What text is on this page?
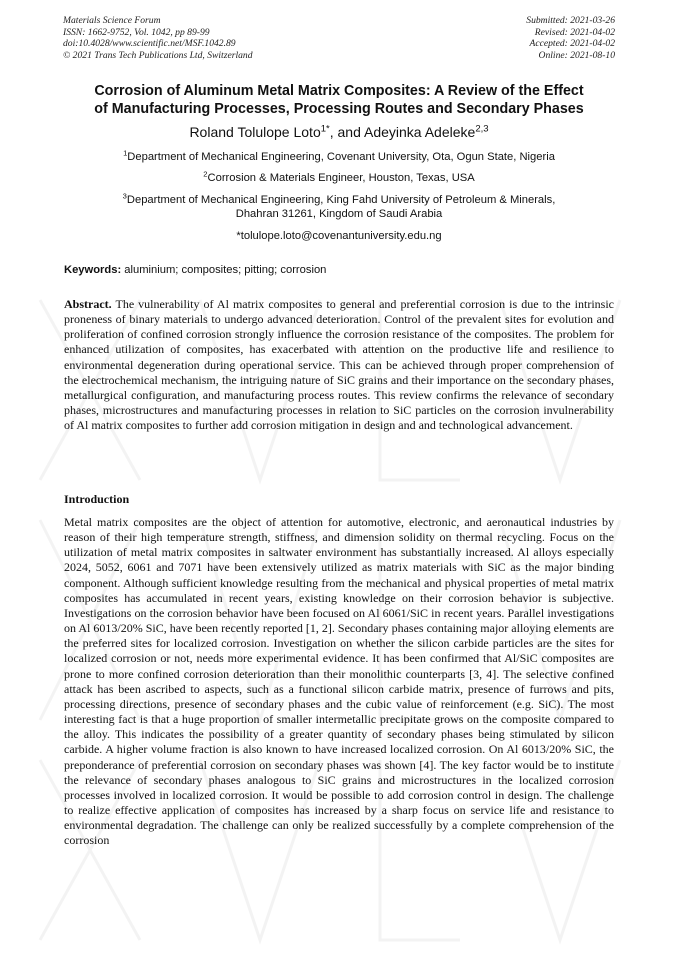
Materials Science Forum
ISSN: 1662-9752, Vol. 1042, pp 89-99
doi:10.4028/www.scientific.net/MSF.1042.89
© 2021 Trans Tech Publications Ltd, Switzerland
Submitted: 2021-03-26
Revised: 2021-04-02
Accepted: 2021-04-02
Online: 2021-08-10
Corrosion of Aluminum Metal Matrix Composites: A Review of the Effect
of Manufacturing Processes, Processing Routes and Secondary Phases
Roland Tolulope Loto$^{1*}$, and Adeyinka Adeleke$^{2,3}$
$^1$Department of Mechanical Engineering, Covenant University, Ota, Ogun State, Nigeria
$^2$Corrosion & Materials Engineer, Houston, Texas, USA
$^3$Department of Mechanical Engineering, King Fahd University of Petroleum & Minerals,
Dhahran 31261, Kingdom of Saudi Arabia
*tolulope.loto@covenantuniversity.edu.ng
Keywords: aluminium; composites; pitting; corrosion
Abstract. The vulnerability of Al matrix composites to general and preferential corrosion is due to the intrinsic proneness of binary materials to undergo advanced deterioration. Control of the prevalent sites for evolution and proliferation of confined corrosion strongly influence the corrosion resistance of the composites. The problem for enhanced utilization of composites, has exacerbated with attention on the productive life and resilience to environmental degeneration during operational service. This can be achieved through proper comprehension of the electrochemical mechanism, the intriguing nature of SiC grains and their importance on the secondary phases, metallurgical configuration, and manufacturing process routes. This review confirms the relevance of secondary phases, microstructures and manufacturing processes in relation to SiC particles on the corrosion invulnerability of Al matrix composites to further add corrosion mitigation in design and and technological advancement.
Introduction
Metal matrix composites are the object of attention for automotive, electronic, and aeronautical industries by reason of their high temperature strength, stiffness, and dimension solidity on thermal recycling. Focus on the utilization of metal matrix composites in saltwater environment has substantially increased. Al alloys especially 2024, 5052, 6061 and 7071 have been extensively utilized as matrix materials with SiC as the major binding component. Although sufficient knowledge resulting from the mechanical and physical properties of metal matrix composites has accumulated in recent years, existing knowledge on their corrosion behavior is subjective. Investigations on the corrosion behavior have been focused on Al 6061/SiC in recent years. Parallel investigations on Al 6013/20% SiC, have been recently reported [1, 2]. Secondary phases containing major alloying elements are the preferred sites for localized corrosion. Investigation on whether the silicon carbide particles are the sites for localized corrosion or not, needs more experimental evidence. It has been confirmed that Al/SiC composites are prone to more confined corrosion deterioration than their monolithic counterparts [3, 4]. The selective confined attack has been ascribed to aspects, such as a functional silicon carbide matrix, presence of furrows and pits, processing directions, presence of secondary phases and the cubic value of reinforcement (e.g. SiC). The most interesting fact is that a huge proportion of smaller intermetallic precipitate grows on the composite compared to the alloy. This indicates the possibility of a greater quantity of secondary phases being stimulated by silicon carbide. A higher volume fraction is also known to have increased localized corrosion. On Al 6013/20% SiC, the preponderance of preferential corrosion on secondary phases was shown [4]. The key factor would be to institute the relevance of secondary phases analogous to SiC grains and microstructures in the localized corrosion processes involved in localized corrosion. It would be possible to add corrosion control in design. The challenge to realize effective application of composites has increased by a sharp focus on service life and resistance to environmental degradation. The challenge can only be realized successfully by a complete comprehension of the corrosion
